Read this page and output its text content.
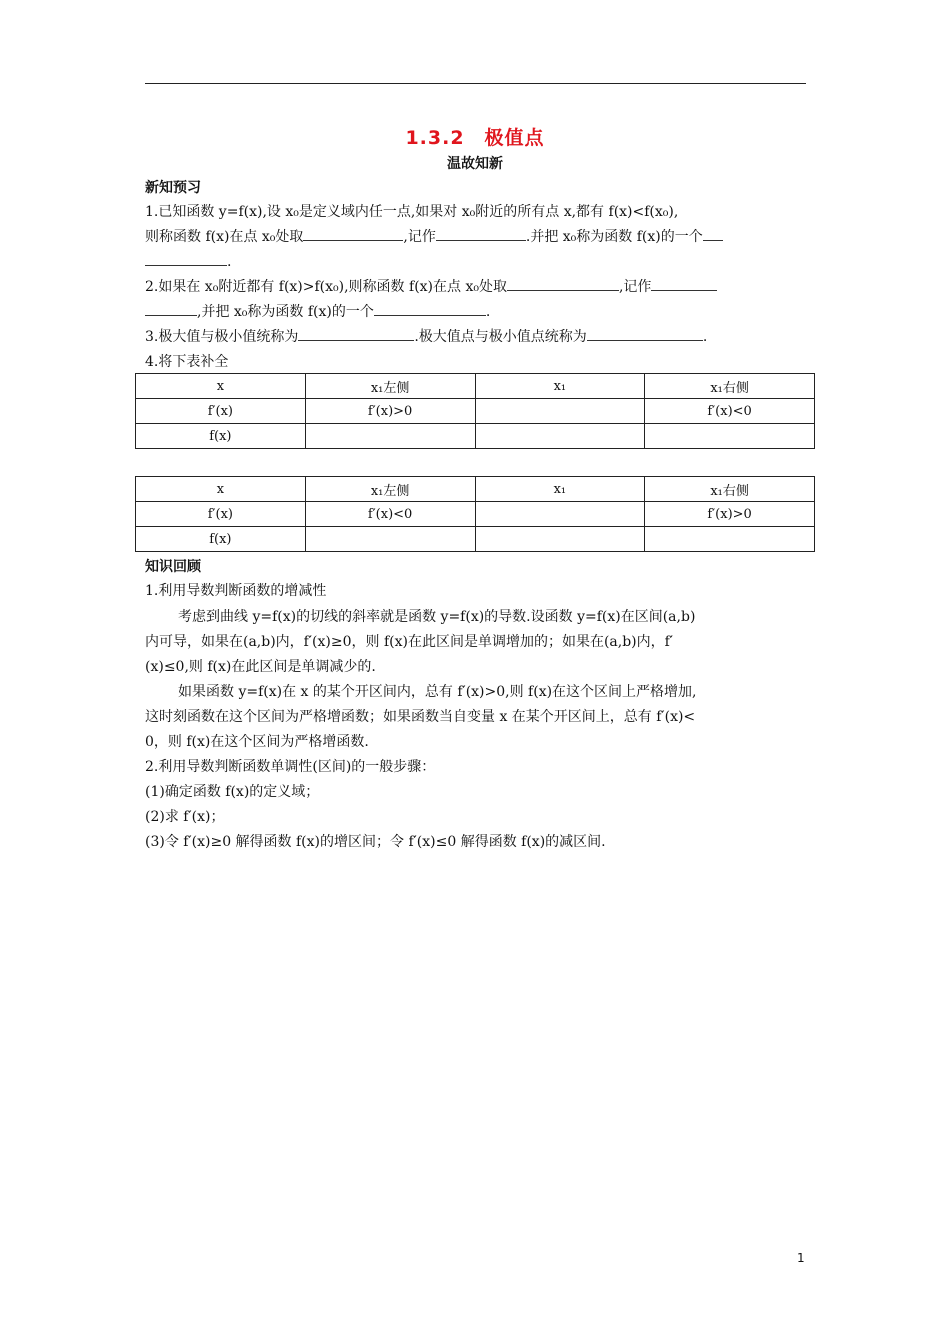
1.3.2　极值点
温故知新
新知预习
1.已知函数 y=f(x),设 x₀是定义域内任一点,如果对 x₀附近的所有点 x,都有 f(x)<f(x₀),
则称函数 f(x)在点 x₀处取	,记作	.并把 x₀称为函数 f(x)的一个
.
2.如果在 x₀附近都有 f(x)>f(x₀),则称函数 f(x)在点 x₀处取	,记作
,并把 x₀称为函数 f(x)的一个	.
3.极大值与极小值统称为	.极大值点与极小值点统称为	.
4.将下表补全
x	x₁左侧	x₁	x₁右侧
f′(x)	f′(x)>0		f′(x)<0
f(x)			
x	x₁左侧	x₁	x₁右侧
f′(x)	f′(x)<0		f′(x)>0
f(x)			
知识回顾
1.利用导数判断函数的增减性
考虑到曲线 y=f(x)的切线的斜率就是函数 y=f(x)的导数.设函数 y=f(x)在区间(a,b)
内可导，如果在(a,b)内，f′(x)≥0，则 f(x)在此区间是单调增加的；如果在(a,b)内，f′
(x)≤0,则 f(x)在此区间是单调减少的.
如果函数 y=f(x)在 x 的某个开区间内，总有 f′(x)>0,则 f(x)在这个区间上严格增加,
这时刻函数在这个区间为严格增函数；如果函数当自变量 x 在某个开区间上，总有 f′(x)<
0，则 f(x)在这个区间为严格增函数.
2.利用导数判断函数单调性(区间)的一般步骤：
(1)确定函数 f(x)的定义域；
(2)求 f′(x)；
(3)令 f′(x)≥0 解得函数 f(x)的增区间；令 f′(x)≤0 解得函数 f(x)的减区间.
1
